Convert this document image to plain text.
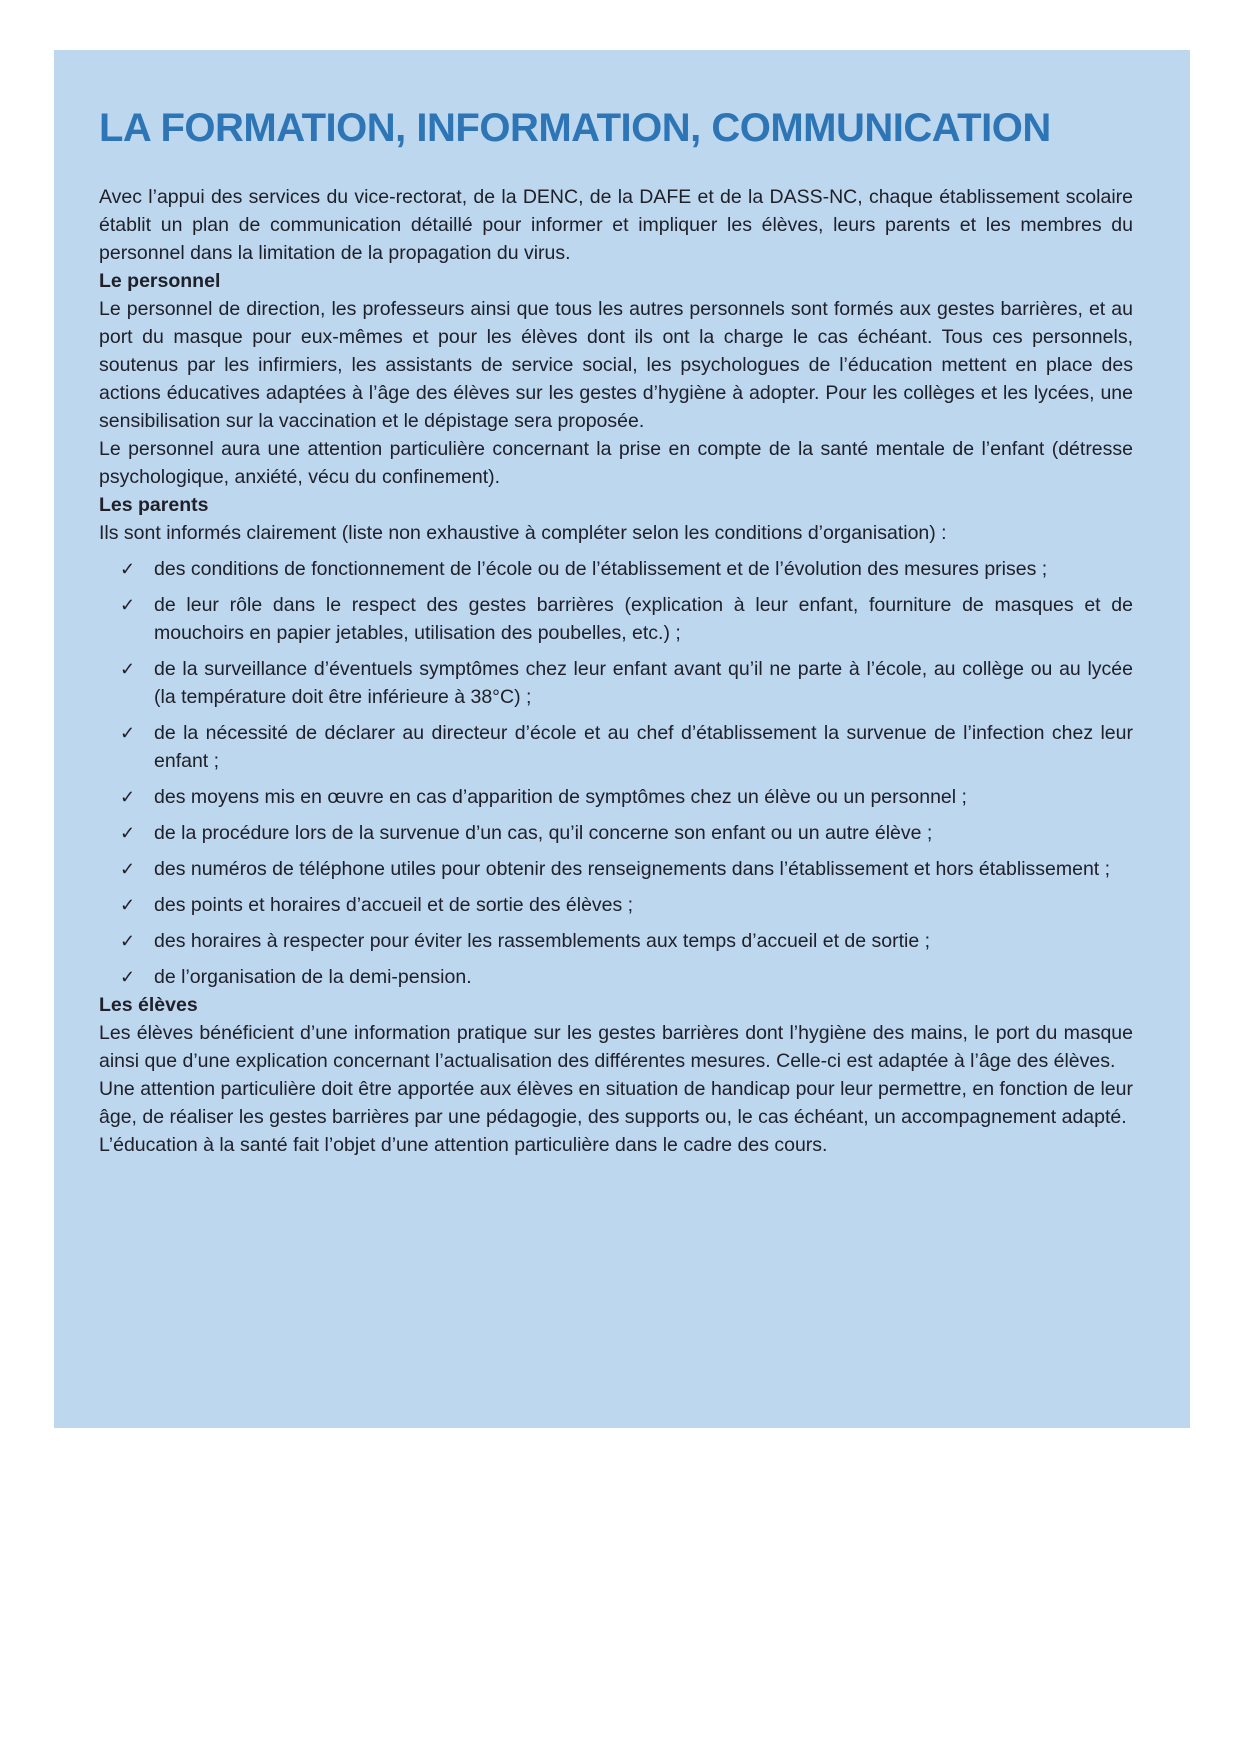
LA FORMATION, INFORMATION, COMMUNICATION

Avec l’appui des services du vice-rectorat, de la DENC, de la DAFE et de la DASS-NC, chaque établissement scolaire établit un plan de communication détaillé pour informer et impliquer les élèves, leurs parents et les membres du personnel dans la limitation de la propagation du virus.

Le personnel

Le personnel de direction, les professeurs ainsi que tous les autres personnels sont formés aux gestes barrières, et au port du masque pour eux-mêmes et pour les élèves dont ils ont la charge le cas échéant. Tous ces personnels, soutenus par les infirmiers, les assistants de service social, les psychologues de l’éducation mettent en place des actions éducatives adaptées à l’âge des élèves sur les gestes d’hygiène à adopter. Pour les collèges et les lycées, une sensibilisation sur la vaccination et le dépistage sera proposée.

Le personnel aura une attention particulière concernant la prise en compte de la santé mentale de l’enfant (détresse psychologique, anxiété, vécu du confinement).

Les parents

Ils sont informés clairement (liste non exhaustive à compléter selon les conditions d’organisation) :

✓ des conditions de fonctionnement de l’école ou de l’établissement et de l’évolution des mesures prises ;
✓ de leur rôle dans le respect des gestes barrières (explication à leur enfant, fourniture de masques et de mouchoirs en papier jetables, utilisation des poubelles, etc.) ;
✓ de la surveillance d’éventuels symptômes chez leur enfant avant qu’il ne parte à l’école, au collège ou au lycée (la température doit être inférieure à 38°C) ;
✓ de la nécessité de déclarer au directeur d’école et au chef d’établissement la survenue de l’infection chez leur enfant ;
✓ des moyens mis en œuvre en cas d’apparition de symptômes chez un élève ou un personnel ;
✓ de la procédure lors de la survenue d’un cas, qu’il concerne son enfant ou un autre élève ;
✓ des numéros de téléphone utiles pour obtenir des renseignements dans l’établissement et hors établissement ;
✓ des points et horaires d’accueil et de sortie des élèves ;
✓ des horaires à respecter pour éviter les rassemblements aux temps d’accueil et de sortie ;
✓ de l’organisation de la demi-pension.

Les élèves

Les élèves bénéficient d’une information pratique sur les gestes barrières dont l’hygiène des mains, le port du masque ainsi que d’une explication concernant l’actualisation des différentes mesures. Celle-ci est adaptée à l’âge des élèves.

Une attention particulière doit être apportée aux élèves en situation de handicap pour leur permettre, en fonction de leur âge, de réaliser les gestes barrières par une pédagogie, des supports ou, le cas échéant, un accompagnement adapté.

L’éducation à la santé fait l’objet d’une attention particulière dans le cadre des cours.
